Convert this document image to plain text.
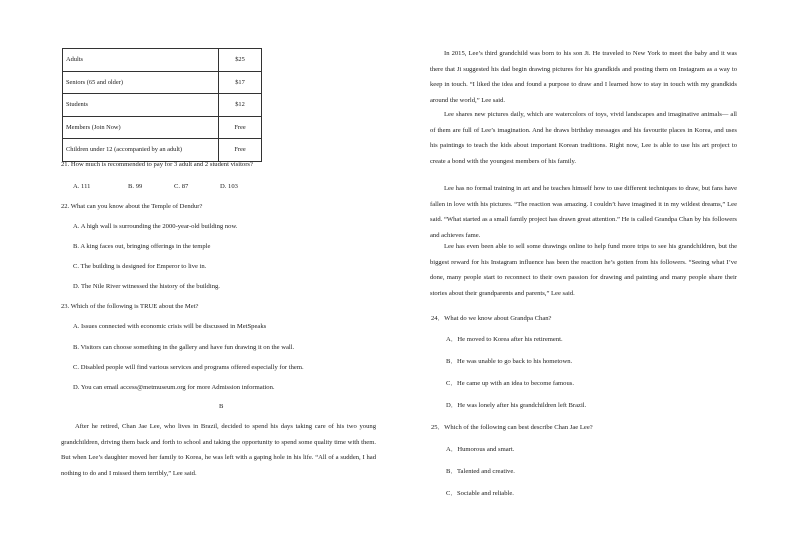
Adults	$25
Seniors (65 and older)	$17
Students	$12
Members (Join Now)	Free
Children under 12 (accompanied by an adult)	Free
21. How much is recommended to pay for 3 adult and 2 student visitors?
A. 111	B. 99	C. 87	D. 103
22. What can you know about the Temple of Dendur?
A. A high wall is surrounding the 2000-year-old building now.
B. A king faces out, bringing offerings in the temple
C. The building is designed for Emperor to live in.
D. The Nile River witnessed the history of the building.
23. Which of the following is TRUE about the Met?
A. Issues connected with economic crisis will be discussed in MetSpeaks
B. Visitors can choose something in the gallery and have fun drawing it on the wall.
C. Disabled people will find various services and programs offered especially for them.
D. You can email access@metmuseum.org for more Admission information.
B
After he retired, Chan Jae Lee, who lives in Brazil, decided to spend his days taking care of his two young grandchildren, driving them back and forth to school and taking the opportunity to spend some quality time with them. But when Lee’s daughter moved her family to Korea, he was left with a gaping hole in his life. “All of a sudden, I had nothing to do and I missed them terribly,” Lee said.
In 2015, Lee’s third grandchild was born to his son Ji. He traveled to New York to meet the baby and it was there that Ji suggested his dad begin drawing pictures for his grandkids and posting them on Instagram as a way to keep in touch. “I liked the idea and found a purpose to draw and I learned how to stay in touch with my grandkids around the world,” Lee said.
Lee shares new pictures daily, which are watercolors of toys, vivid landscapes and imaginative animals— all of them are full of Lee’s imagination. And he draws birthday messages and his favourite places in Korea, and uses his paintings to teach the kids about important Korean traditions. Right now, Lee is able to use his art project to create a bond with the youngest members of his family.
Lee has no formal training in art and he teaches himself how to use different techniques to draw, but fans have fallen in love with his pictures. “The reaction was amazing. I couldn’t have imagined it in my wildest dreams,” Lee said. “What started as a small family project has drawn great attention.” He is called Grandpa Chan by his followers and achieves fame.
Lee has even been able to sell some drawings online to help fund more trips to see his grandchildren, but the biggest reward for his Instagram influence has been the reaction he’s gotten from his followers. “Seeing what I’ve done, many people start to reconnect to their own passion for drawing and painting and many people share their stories about their grandparents and parents,” Lee said.
24．What do we know about Grandpa Chan?
A．He moved to Korea after his retirement.
B．He was unable to go back to his hometown.
C．He came up with an idea to become famous.
D．He was lonely after his grandchildren left Brazil.
25．Which of the following can best describe Chan Jae Lee?
A．Humorous and smart.
B．Talented and creative.
C．Sociable and reliable.
